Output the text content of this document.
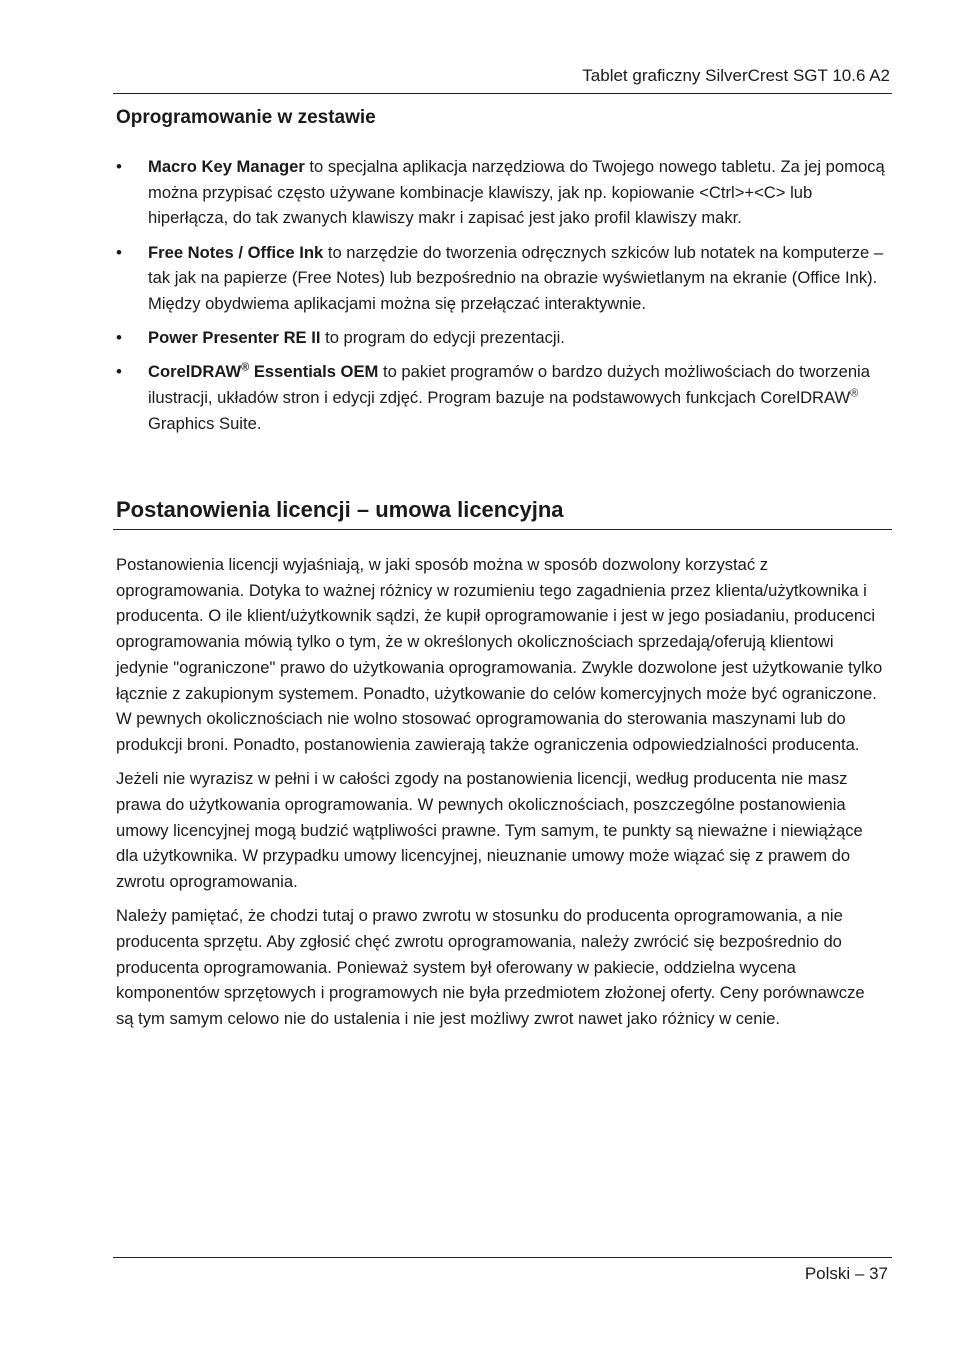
Tablet graficzny SilverCrest SGT 10.6 A2
Oprogramowanie w zestawie
• Macro Key Manager to specjalna aplikacja narzędziowa do Twojego nowego tabletu. Za jej pomocą można przypisać często używane kombinacje klawiszy, jak np. kopiowanie <Ctrl>+<C> lub hiperłącza, do tak zwanych klawiszy makr i zapisać jest jako profil klawiszy makr.
• Free Notes / Office Ink to narzędzie do tworzenia odręcznych szkiców lub notatek na komputerze – tak jak na papierze (Free Notes) lub bezpośrednio na obrazie wyświetlanym na ekranie (Office Ink). Między obydwiema aplikacjami można się przełączać interaktywnie.
• Power Presenter RE II to program do edycji prezentacji.
• CorelDRAW® Essentials OEM to pakiet programów o bardzo dużych możliwościach do tworzenia ilustracji, układów stron i edycji zdjęć. Program bazuje na podstawowych funkcjach CorelDRAW® Graphics Suite.
Postanowienia licencji – umowa licencyjna

Postanowienia licencji wyjaśniają, w jaki sposób można w sposób dozwolony korzystać z oprogramowania. Dotyka to ważnej różnicy w rozumieniu tego zagadnienia przez klienta/użytkownika i producenta. O ile klient/użytkownik sądzi, że kupił oprogramowanie i jest w jego posiadaniu, producenci oprogramowania mówią tylko o tym, że w określonych okolicznościach sprzedają/oferują klientowi jedynie "ograniczone" prawo do użytkowania oprogramowania. Zwykle dozwolone jest użytkowanie tylko łącznie z zakupionym systemem. Ponadto, użytkowanie do celów komercyjnych może być ograniczone. W pewnych okolicznościach nie wolno stosować oprogramowania do sterowania maszynami lub do produkcji broni. Ponadto, postanowienia zawierają także ograniczenia odpowiedzialności producenta.

Jeżeli nie wyrazisz w pełni i w całości zgody na postanowienia licencji, według producenta nie masz prawa do użytkowania oprogramowania. W pewnych okolicznościach, poszczególne postanowienia umowy licencyjnej mogą budzić wątpliwości prawne. Tym samym, te punkty są nieważne i niewiążące dla użytkownika. W przypadku umowy licencyjnej, nieuznanie umowy może wiązać się z prawem do zwrotu oprogramowania.

Należy pamiętać, że chodzi tutaj o prawo zwrotu w stosunku do producenta oprogramowania, a nie producenta sprzętu. Aby zgłosić chęć zwrotu oprogramowania, należy zwrócić się bezpośrednio do producenta oprogramowania. Ponieważ system był oferowany w pakiecie, oddzielna wycena komponentów sprzętowych i programowych nie była przedmiotem złożonej oferty. Ceny porównawcze są tym samym celowo nie do ustalenia i nie jest możliwy zwrot nawet jako różnicy w cenie.

Polski – 37
